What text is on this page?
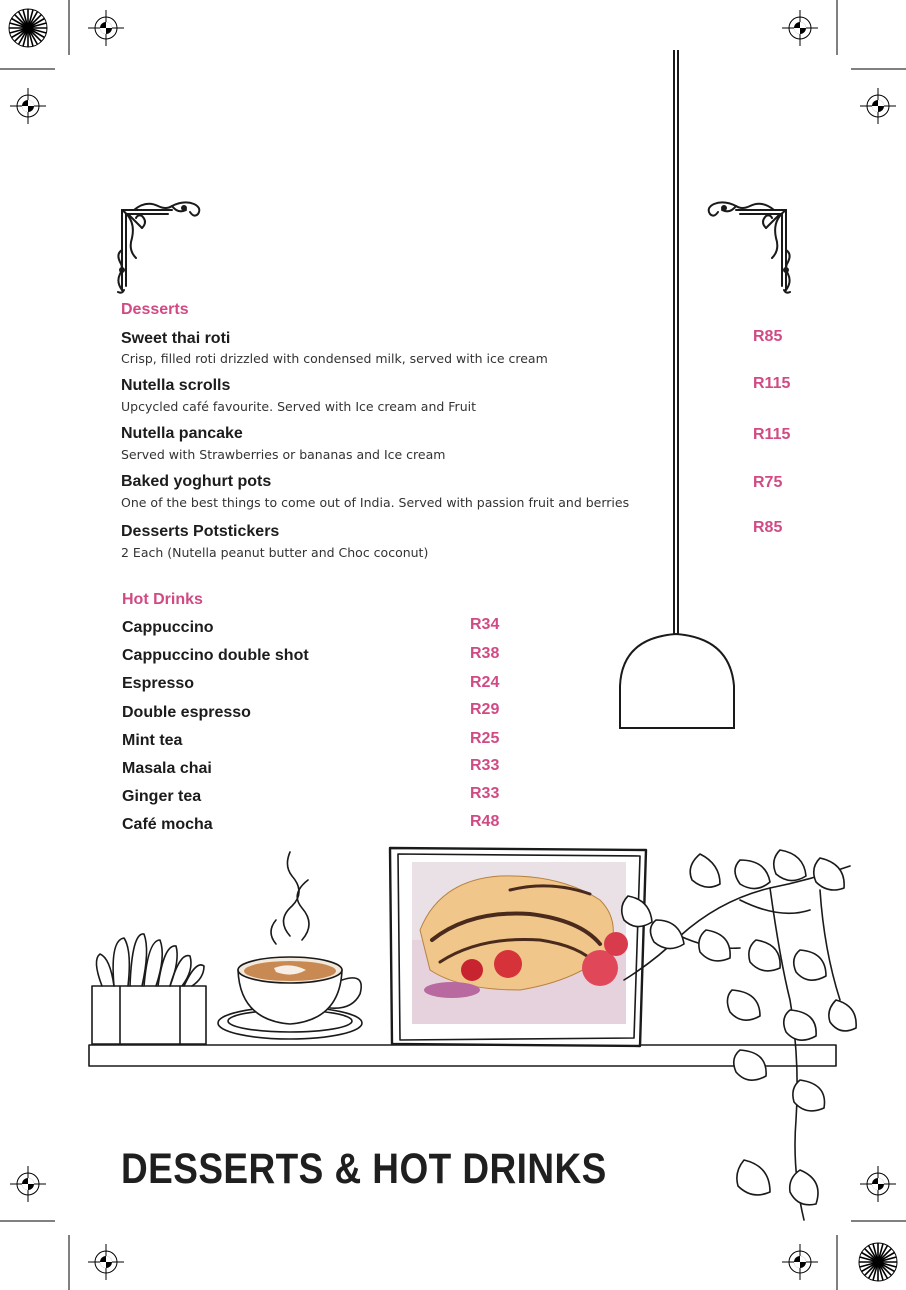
Desserts
Sweet thai roti
Crisp, filled roti drizzled with condensed milk, served with ice cream
R85
Nutella scrolls
Upcycled café favourite. Served with Ice cream and Fruit
R115
Nutella pancake
Served with Strawberries or bananas and Ice cream
R115
Baked yoghurt pots
One of the best things to come out of India. Served with passion fruit and berries
R75
Desserts Potstickers
2 Each (Nutella peanut butter and Choc coconut)
R85
Hot Drinks
Cappuccino	R34
Cappuccino double shot	R38
Espresso	R24
Double espresso	R29
Mint tea	R25
Masala chai	R33
Ginger tea	R33
Café mocha	R48
DESSERTS & HOT DRINKS
